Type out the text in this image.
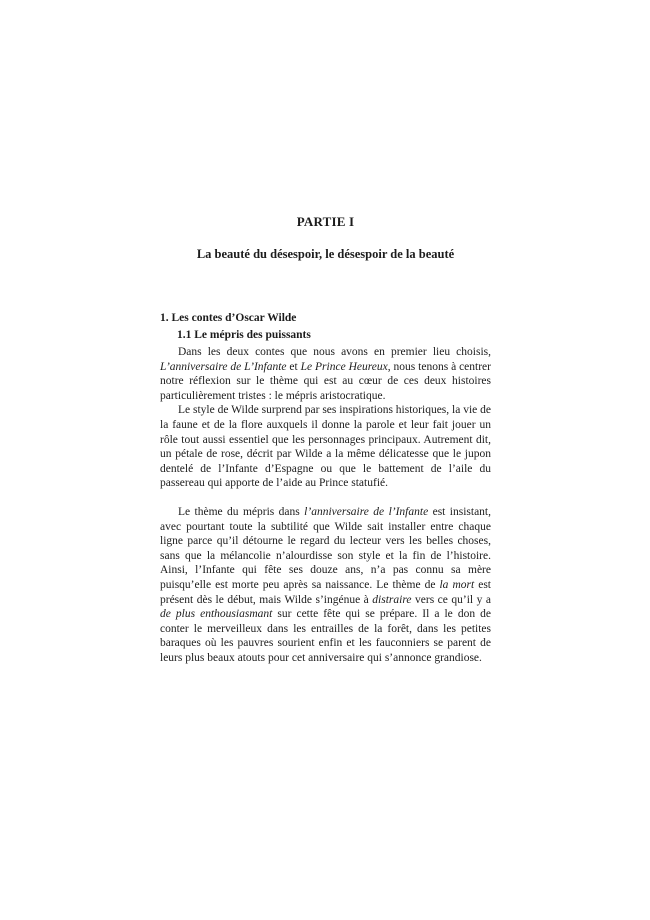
PARTIE I
La beauté du désespoir, le désespoir de la beauté
1. Les contes d’Oscar Wilde
1.1 Le mépris des puissants

Dans les deux contes que nous avons en premier lieu choisis, L’anniversaire de L’Infante et Le Prince Heureux, nous tenons à centrer notre réflexion sur le thème qui est au cœur de ces deux histoires particulièrement tristes : le mépris aristocratique.

Le style de Wilde surprend par ses inspirations historiques, la vie de la faune et de la flore auxquels il donne la parole et leur fait jouer un rôle tout aussi essentiel que les personnages principaux. Autrement dit, un pétale de rose, décrit par Wilde a la même délicatesse que le jupon dentelé de l’Infante d’Espagne ou que le battement de l’aile du passereau qui apporte de l’aide au Prince statufié.

Le thème du mépris dans l’anniversaire de l’Infante est insistant, avec pourtant toute la subtilité que Wilde sait installer entre chaque ligne parce qu’il détourne le regard du lecteur vers les belles choses, sans que la mélancolie n’alourdisse son style et la fin de l’histoire. Ainsi, l’Infante qui fête ses douze ans, n’a pas connu sa mère puisqu’elle est morte peu après sa naissance. Le thème de la mort est présent dès le début, mais Wilde s’ingénue à distraire vers ce qu’il y a de plus enthousiasmant sur cette fête qui se prépare. Il a le don de conter le merveilleux dans les entrailles de la forêt, dans les petites baraques où les pauvres sourient enfin et les fauconniers se parent de leurs plus beaux atouts pour cet anniversaire qui s’annonce grandiose.
